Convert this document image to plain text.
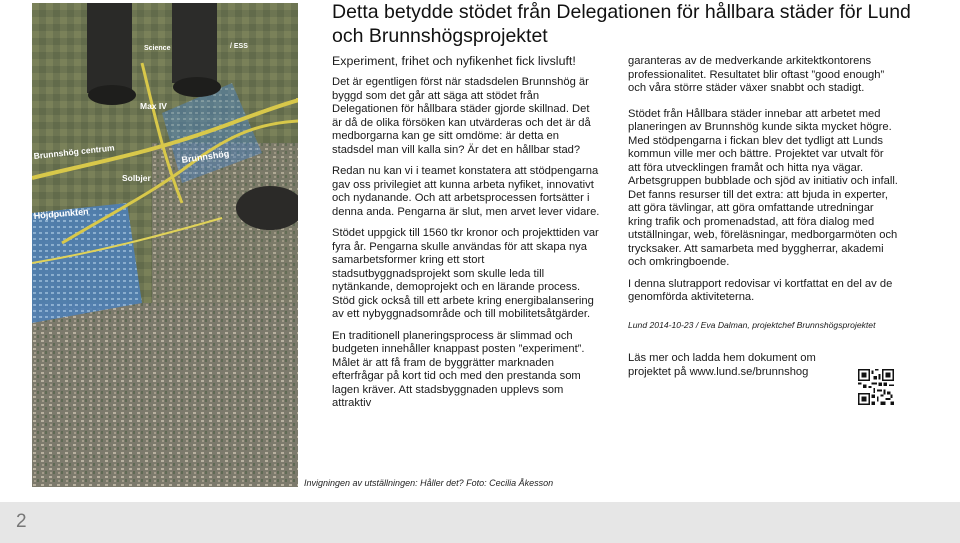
Science	/ ESS
Max IV
Brunnshög centrum	Brunnshög
Solbjer
Höjdpunkten
Invigningen av utställningen: Håller det? Foto: Cecilia Åkesson
Detta betydde stödet från Delegationen för hållbara städer för Lund och Brunnshögsprojektet

Experiment, frihet och nyfikenhet fick livsluft!

Det är egentligen först när stadsdelen Brunnshög är byggd som det går att säga att stödet från Delegationen för hållbara städer gjorde skillnad. Det är då de olika försöken kan utvärderas och det är då medborgarna kan ge sitt omdöme: är detta en stadsdel man vill kalla sin? Är det en hållbar stad?

Redan nu kan vi i teamet konstatera att stödpengarna gav oss privilegiet att kunna arbeta nyfiket, innovativt och nydanande. Och att arbetsprocessen fortsätter i denna anda. Pengarna är slut, men arvet lever vidare.

Stödet uppgick till 1560 tkr kronor och projekttiden var fyra år. Pengarna skulle användas för att skapa nya samarbetsformer kring ett stort stadsutbyggnadsprojekt som skulle leda till nytänkande, demoprojekt och en lärande process. Stöd gick också till ett arbete kring energibalansering av ett nybyggnadsområde och till mobilitetsåtgärder.

En traditionell planeringsprocess är slimmad och budgeten innehåller knappast posten ”experiment”. Målet är att få fram de byggrätter marknaden efterfrågar på kort tid och med den prestanda som lagen kräver. Att stadsbyggnaden upplevs som attraktiv

garanteras av de medverkande arkitektkontorens professionalitet. Resultatet blir oftast ”good enough” och våra större städer växer snabbt och stadigt.

Stödet från Hållbara städer innebar att arbetet med planeringen av Brunnshög kunde sikta mycket högre. Med stödpengarna i fickan blev det tydligt att Lunds kommun ville mer och bättre. Projektet var utvalt för att föra utvecklingen framåt och hitta nya vägar. Arbetsgruppen bubblade och sjöd av initiativ och infall. Det fanns resurser till det extra: att bjuda in experter, att göra tävlingar, att göra omfattande utredningar kring trafik och promenadstad, att föra dialog med utställningar, web, föreläsningar, medborgarmöten och trycksaker. Att samarbeta med byggherrar, akademi och omkringboende.

I denna slutrapport redovisar vi kortfattat en del av de genomförda aktiviteterna.

Lund 2014-10-23 / Eva Dalman, projektchef Brunnshögsprojektet

Läs mer och ladda hem dokument om projektet på www.lund.se/brunnshog

2
